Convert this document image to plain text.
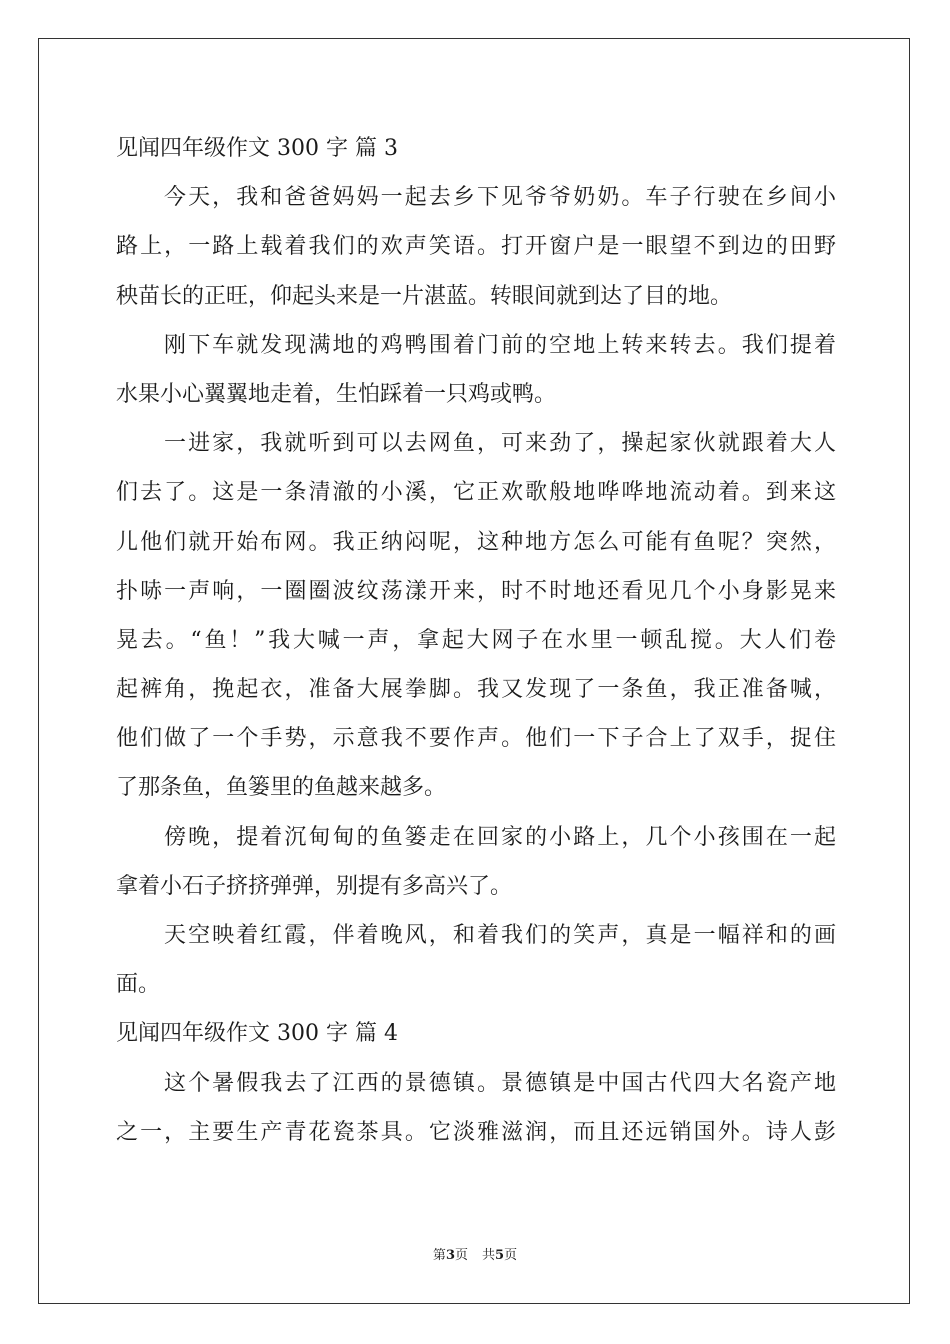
见闻四年级作文 300 字 篇 3
今天，我和爸爸妈妈一起去乡下见爷爷奶奶。车子行驶在乡间小
路上，一路上载着我们的欢声笑语。打开窗户是一眼望不到边的田野
秧苗长的正旺，仰起头来是一片湛蓝。转眼间就到达了目的地。
刚下车就发现满地的鸡鸭围着门前的空地上转来转去。我们提着
水果小心翼翼地走着，生怕踩着一只鸡或鸭。
一进家，我就听到可以去网鱼，可来劲了，操起家伙就跟着大人
们去了。这是一条清澈的小溪，它正欢歌般地哗哗地流动着。到来这
儿他们就开始布网。我正纳闷呢，这种地方怎么可能有鱼呢？突然，
扑哧一声响，一圈圈波纹荡漾开来，时不时地还看见几个小身影晃来
晃去。“鱼！”我大喊一声，拿起大网子在水里一顿乱搅。大人们卷
起裤角，挽起衣，准备大展拳脚。我又发现了一条鱼，我正准备喊，
他们做了一个手势，示意我不要作声。他们一下子合上了双手，捉住
了那条鱼，鱼篓里的鱼越来越多。
傍晚，提着沉甸甸的鱼篓走在回家的小路上，几个小孩围在一起
拿着小石子挤挤弹弹，别提有多高兴了。
天空映着红霞，伴着晚风，和着我们的笑声，真是一幅祥和的画
面。
见闻四年级作文 300 字 篇 4
这个暑假我去了江西的景德镇。景德镇是中国古代四大名瓷产地
之一，主要生产青花瓷茶具。它淡雅滋润，而且还远销国外。诗人彭
第3页 共5页
